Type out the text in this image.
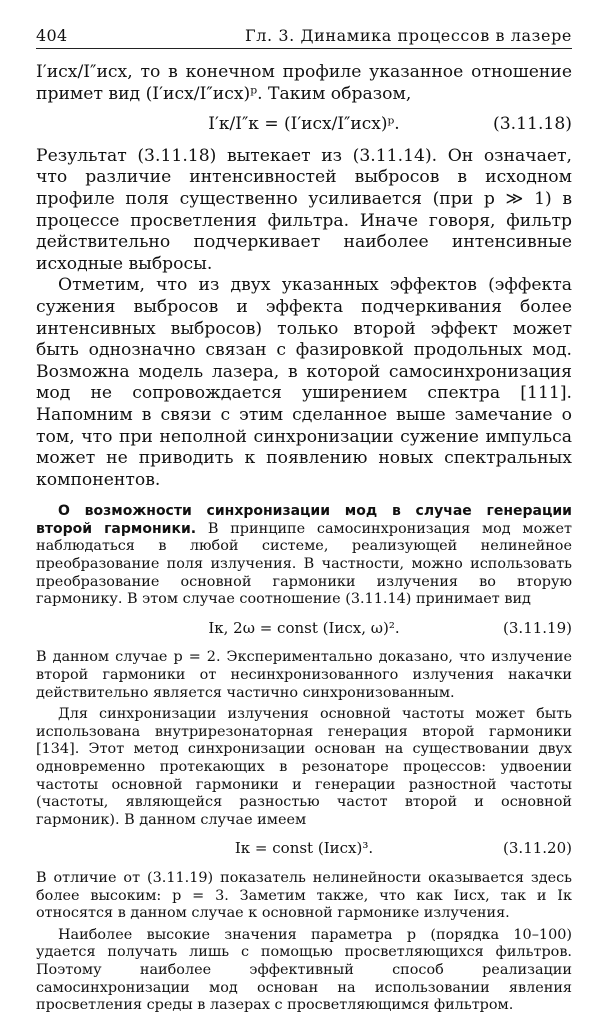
404	Гл. 3. Динамика процессов в лазере

I′исх/I″исх, то в конечном профиле указанное отношение примет вид (I′исх/I″исх)ᵖ. Таким образом,

I′к/I″к = (I′исх/I″исх)ᵖ.	(3.11.18)

Результат (3.11.18) вытекает из (3.11.14). Он означает, что различие интенсивностей выбросов в исходном профиле поля существенно усиливается (при p ≫ 1) в процессе просветления фильтра. Иначе говоря, фильтр действительно подчеркивает наиболее интенсивные исходные выбросы.

Отметим, что из двух указанных эффектов (эффекта сужения выбросов и эффекта подчеркивания более интенсивных выбросов) только второй эффект может быть однозначно связан с фазировкой продольных мод. Возможна модель лазера, в которой самосинхронизация мод не сопровождается уширением спектра [111]. Напомним в связи с этим сделанное выше замечание о том, что при неполной синхронизации сужение импульса может не приводить к появлению новых спектральных компонентов.

О возможности синхронизации мод в случае генерации второй гармоники. В принципе самосинхронизация мод может наблюдаться в любой системе, реализующей нелинейное преобразование поля излучения. В частности, можно использовать преобразование основной гармоники излучения во вторую гармонику. В этом случае соотношение (3.11.14) принимает вид

Iк, 2ω = const (Iисх, ω)².	(3.11.19)

В данном случае p = 2. Экспериментально доказано, что излучение второй гармоники от несинхронизованного излучения накачки действительно является частично синхронизованным.

Для синхронизации излучения основной частоты может быть использована внутрирезонаторная генерация второй гармоники [134]. Этот метод синхронизации основан на существовании двух одновременно протекающих в резонаторе процессов: удвоении частоты основной гармоники и генерации разностной частоты (частоты, являющейся разностью частот второй и основной гармоник). В данном случае имеем

Iк = const (Iисх)³.	(3.11.20)

В отличие от (3.11.19) показатель нелинейности оказывается здесь более высоким: p = 3. Заметим также, что как Iисх, так и Iк относятся в данном случае к основной гармонике излучения.

Наиболее высокие значения параметра p (порядка 10–100) удается получать лишь с помощью просветляющихся фильтров. Поэтому наиболее эффективный способ реализации самосинхронизации мод основан на использовании явления просветления среды в лазерах с просветляющимся фильтром.
